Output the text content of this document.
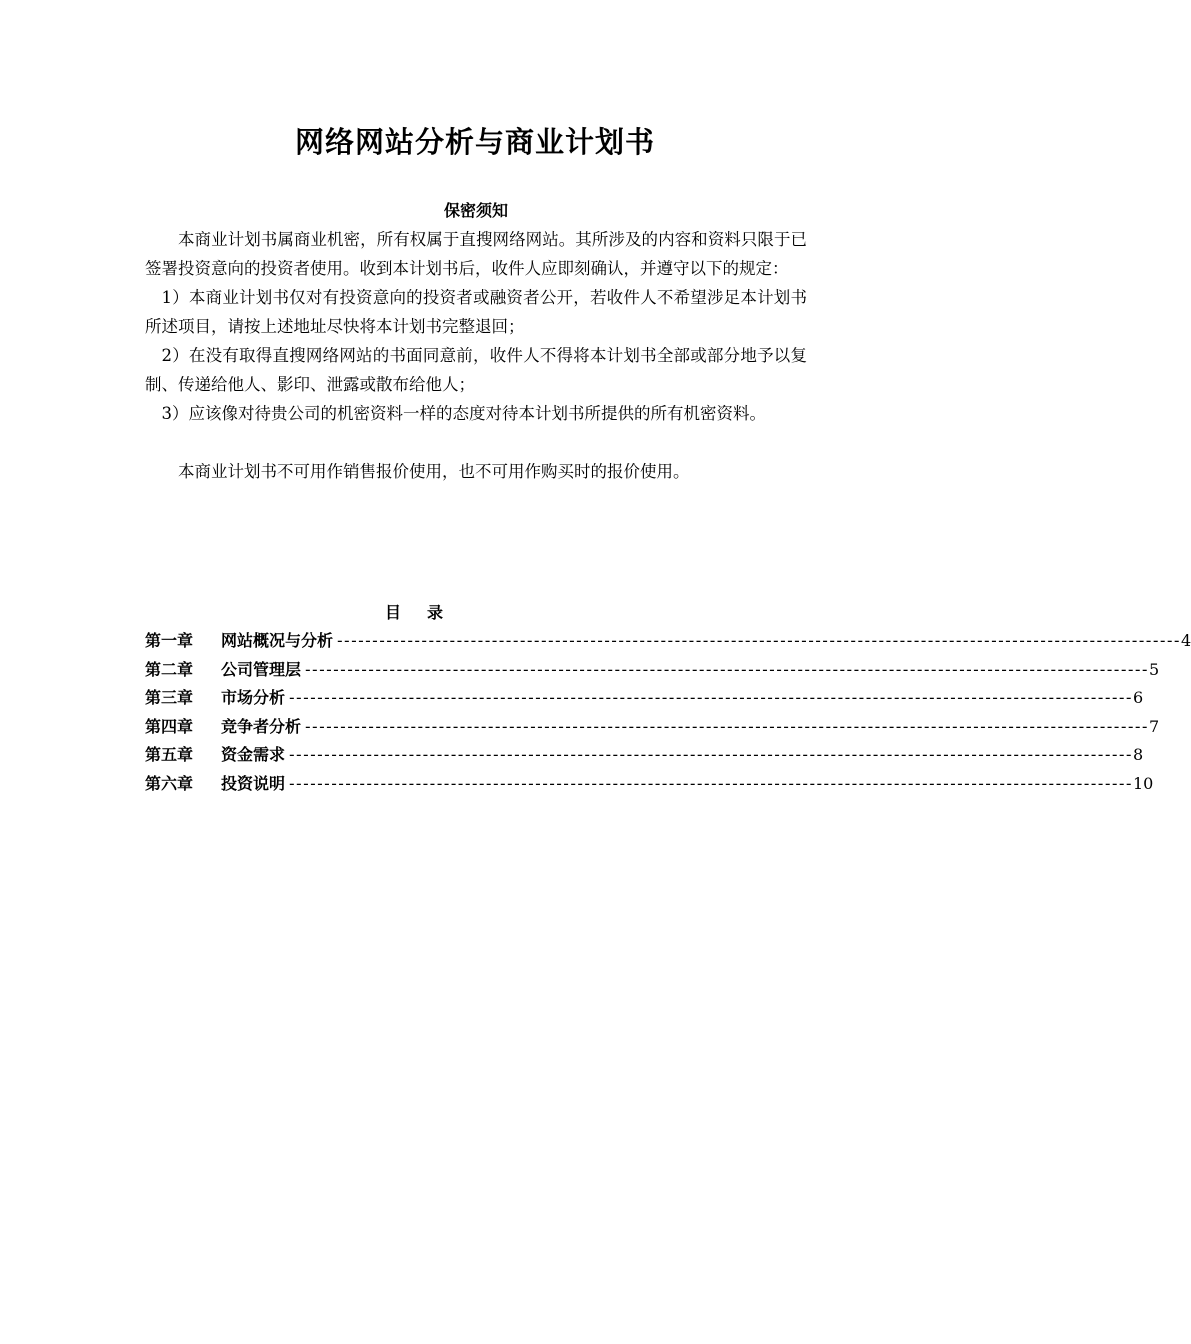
网络网站分析与商业计划书
保密须知

本商业计划书属商业机密，所有权属于直搜网络网站。其所涉及的内容和资料只限于已签署投资意向的投资者使用。收到本计划书后，收件人应即刻确认，并遵守以下的规定：

1）本商业计划书仅对有投资意向的投资者或融资者公开，若收件人不希望涉足本计划书所述项目，请按上述地址尽快将本计划书完整退回；

2）在没有取得直搜网络网站的书面同意前，收件人不得将本计划书全部或部分地予以复制、传递给他人、影印、泄露或散布给他人；

3）应该像对待贵公司的机密资料一样的态度对待本计划书所提供的所有机密资料。

本商业计划书不可用作销售报价使用，也不可用作购买时的报价使用。

目 录
第一章	网站概况与分析 ------------------------------------------------------------------------------------------------------------------------ 4
第二章	公司管理层 ------------------------------------------------------------------------------------------------------------------------ 5
第三章	市场分析 ------------------------------------------------------------------------------------------------------------------------ 6
第四章	竞争者分析 ------------------------------------------------------------------------------------------------------------------------ 7
第五章	资金需求 ------------------------------------------------------------------------------------------------------------------------ 8
第六章	投资说明 ------------------------------------------------------------------------------------------------------------------------ 10
